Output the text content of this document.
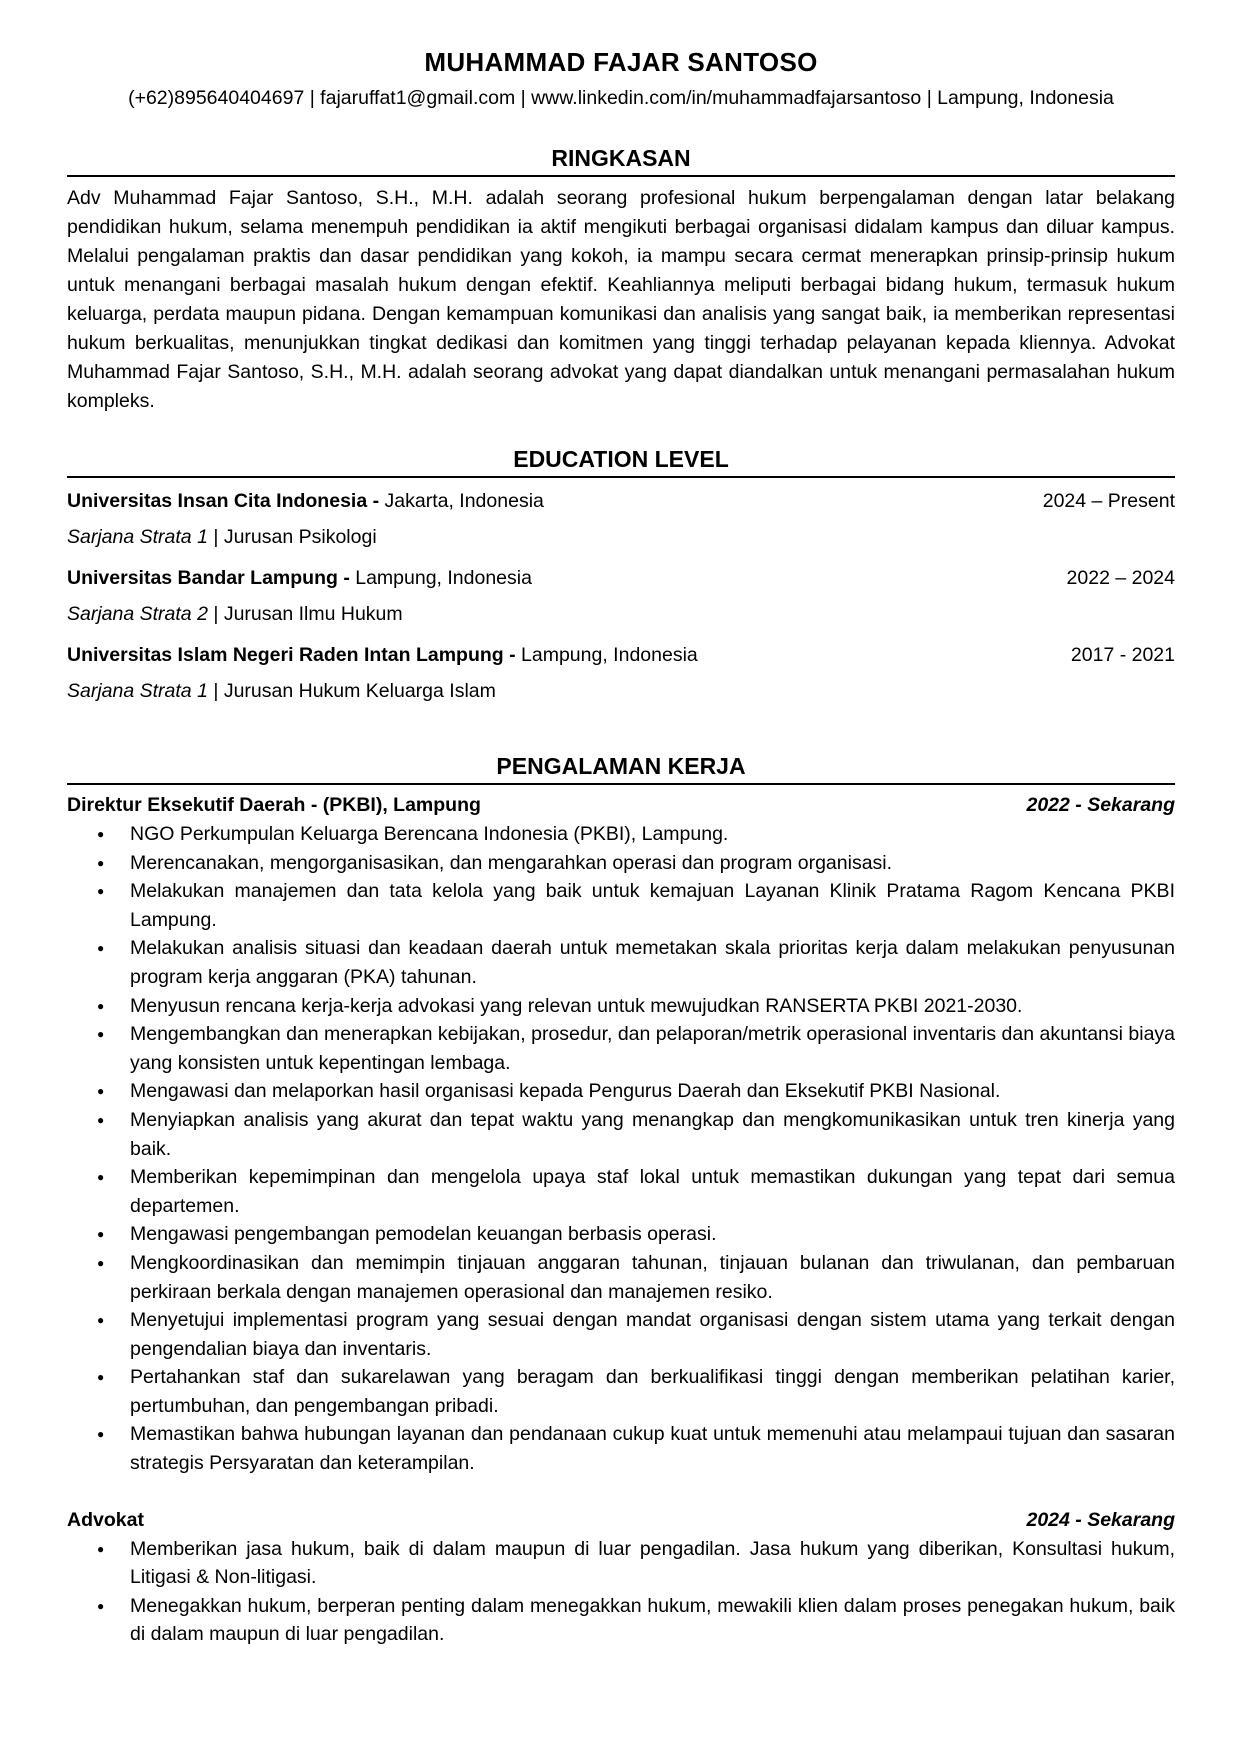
MUHAMMAD FAJAR SANTOSO
(+62)895640404697 | fajaruffat1@gmail.com | www.linkedin.com/in/muhammadfajarsantoso | Lampung, Indonesia
RINGKASAN
Adv Muhammad Fajar Santoso, S.H., M.H. adalah seorang profesional hukum berpengalaman dengan latar belakang pendidikan hukum, selama menempuh pendidikan ia aktif mengikuti berbagai organisasi didalam kampus dan diluar kampus. Melalui pengalaman praktis dan dasar pendidikan yang kokoh, ia mampu secara cermat menerapkan prinsip-prinsip hukum untuk menangani berbagai masalah hukum dengan efektif. Keahliannya meliputi berbagai bidang hukum, termasuk hukum keluarga, perdata maupun pidana. Dengan kemampuan komunikasi dan analisis yang sangat baik, ia memberikan representasi hukum berkualitas, menunjukkan tingkat dedikasi dan komitmen yang tinggi terhadap pelayanan kepada kliennya. Advokat Muhammad Fajar Santoso, S.H., M.H. adalah seorang advokat yang dapat diandalkan untuk menangani permasalahan hukum kompleks.
EDUCATION LEVEL
Universitas Insan Cita Indonesia - Jakarta, Indonesia	2024 – Present
Sarjana Strata 1 | Jurusan Psikologi
Universitas Bandar Lampung - Lampung, Indonesia	2022 – 2024
Sarjana Strata 2 | Jurusan Ilmu Hukum
Universitas Islam Negeri Raden Intan Lampung - Lampung, Indonesia	2017 - 2021
Sarjana Strata 1 | Jurusan Hukum Keluarga Islam
PENGALAMAN KERJA
Direktur Eksekutif Daerah - (PKBI), Lampung	2022 - Sekarang
● NGO Perkumpulan Keluarga Berencana Indonesia (PKBI), Lampung.
● Merencanakan, mengorganisasikan, dan mengarahkan operasi dan program organisasi.
● Melakukan manajemen dan tata kelola yang baik untuk kemajuan Layanan Klinik Pratama Ragom Kencana PKBI Lampung.
● Melakukan analisis situasi dan keadaan daerah untuk memetakan skala prioritas kerja dalam melakukan penyusunan program kerja anggaran (PKA) tahunan.
● Menyusun rencana kerja-kerja advokasi yang relevan untuk mewujudkan RANSERTA PKBI 2021-2030.
● Mengembangkan dan menerapkan kebijakan, prosedur, dan pelaporan/metrik operasional inventaris dan akuntansi biaya yang konsisten untuk kepentingan lembaga.
● Mengawasi dan melaporkan hasil organisasi kepada Pengurus Daerah dan Eksekutif PKBI Nasional.
● Menyiapkan analisis yang akurat dan tepat waktu yang menangkap dan mengkomunikasikan untuk tren kinerja yang baik.
● Memberikan kepemimpinan dan mengelola upaya staf lokal untuk memastikan dukungan yang tepat dari semua departemen.
● Mengawasi pengembangan pemodelan keuangan berbasis operasi.
● Mengkoordinasikan dan memimpin tinjauan anggaran tahunan, tinjauan bulanan dan triwulanan, dan pembaruan perkiraan berkala dengan manajemen operasional dan manajemen resiko.
● Menyetujui implementasi program yang sesuai dengan mandat organisasi dengan sistem utama yang terkait dengan pengendalian biaya dan inventaris.
● Pertahankan staf dan sukarelawan yang beragam dan berkualifikasi tinggi dengan memberikan pelatihan karier, pertumbuhan, dan pengembangan pribadi.
● Memastikan bahwa hubungan layanan dan pendanaan cukup kuat untuk memenuhi atau melampaui tujuan dan sasaran strategis Persyaratan dan keterampilan.
Advokat	2024 - Sekarang
● Memberikan jasa hukum, baik di dalam maupun di luar pengadilan. Jasa hukum yang diberikan, Konsultasi hukum, Litigasi & Non-litigasi.
● Menegakkan hukum, berperan penting dalam menegakkan hukum, mewakili klien dalam proses penegakan hukum, baik di dalam maupun di luar pengadilan.
